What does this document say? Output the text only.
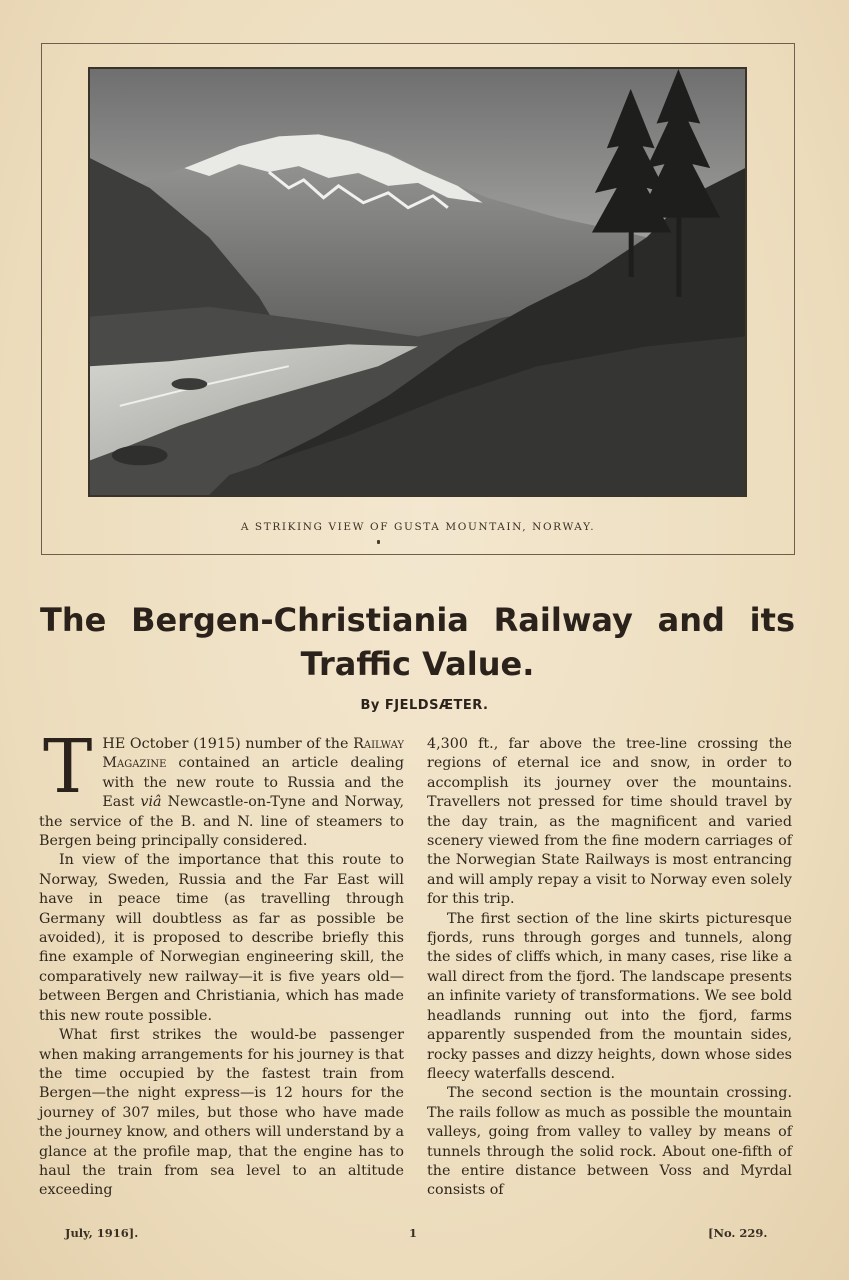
A STRIKING VIEW OF GUSTA MOUNTAIN, NORWAY.
The Bergen-Christiania Railway and its
Traffic Value.
By FJELDSÆTER.

THE October (1915) number of the Railway Magazine contained an article dealing with the new route to Russia and the East viâ Newcastle-on-Tyne and Norway, the service of the B. and N. line of steamers to Bergen being principally considered.

In view of the importance that this route to Norway, Sweden, Russia and the Far East will have in peace time (as travelling through Germany will doubtless as far as possible be avoided), it is proposed to describe briefly this fine example of Norwegian engineering skill, the comparatively new railway—it is five years old—between Bergen and Christiania, which has made this new route possible.

What first strikes the would-be passenger when making arrangements for his journey is that the time occupied by the fastest train from Bergen—the night express—is 12 hours for the journey of 307 miles, but those who have made the journey know, and others will understand by a glance at the profile map, that the engine has to haul the train from sea level to an altitude exceeding

4,300 ft., far above the tree-line crossing the regions of eternal ice and snow, in order to accomplish its journey over the mountains. Travellers not pressed for time should travel by the day train, as the magnificent and varied scenery viewed from the fine modern carriages of the Norwegian State Railways is most entrancing and will amply repay a visit to Norway even solely for this trip.

The first section of the line skirts picturesque fjords, runs through gorges and tunnels, along the sides of cliffs which, in many cases, rise like a wall direct from the fjord. The landscape presents an infinite variety of transformations. We see bold headlands running out into the fjord, farms apparently suspended from the mountain sides, rocky passes and dizzy heights, down whose sides fleecy waterfalls descend.

The second section is the mountain crossing. The rails follow as much as possible the mountain valleys, going from valley to valley by means of tunnels through the solid rock. About one-fifth of the entire distance between Voss and Myrdal consists of

July, 1916].	1	[No. 229.
